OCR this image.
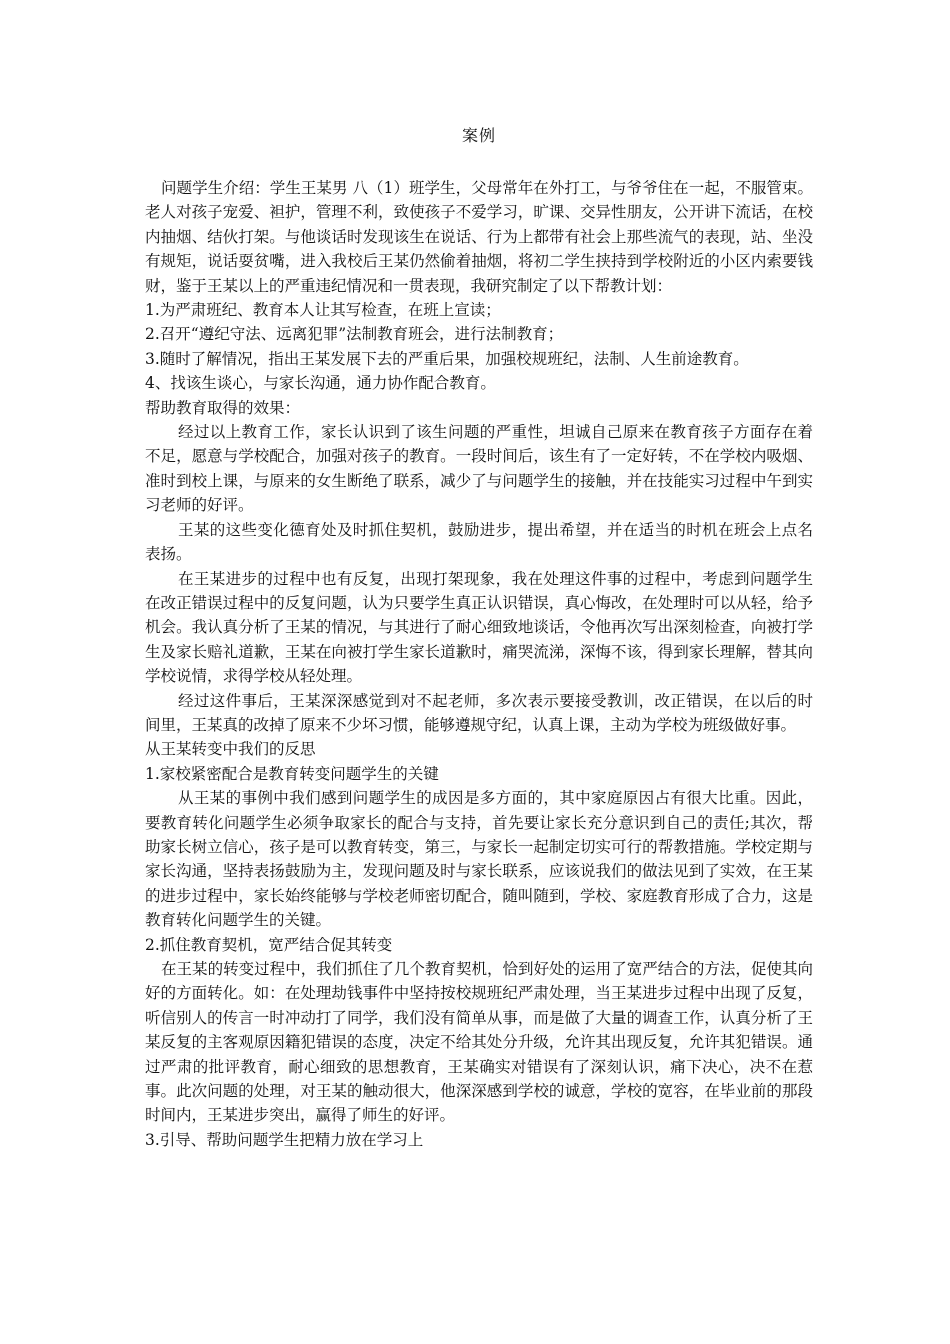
案例

问题学生介绍：学生王某男 八（1）班学生，父母常年在外打工，与爷爷住在一起，不服管束。老人对孩子宠爱、袒护，管理不利，致使孩子不爱学习，旷课、交异性朋友，公开讲下流话，在校内抽烟、结伙打架。与他谈话时发现该生在说话、行为上都带有社会上那些流气的表现，站、坐没有规矩，说话耍贫嘴，进入我校后王某仍然偷着抽烟，将初二学生挟持到学校附近的小区内索要钱财，鉴于王某以上的严重违纪情况和一贯表现，我研究制定了以下帮教计划：

1.为严肃班纪、教育本人让其写检查，在班上宣读；

2.召开“遵纪守法、远离犯罪”法制教育班会，进行法制教育；

3.随时了解情况，指出王某发展下去的严重后果，加强校规班纪，法制、人生前途教育。

4、找该生谈心，与家长沟通，通力协作配合教育。

帮助教育取得的效果：

经过以上教育工作，家长认识到了该生问题的严重性，坦诚自己原来在教育孩子方面存在着不足，愿意与学校配合，加强对孩子的教育。一段时间后，该生有了一定好转，不在学校内吸烟、准时到校上课，与原来的女生断绝了联系，减少了与问题学生的接触，并在技能实习过程中午到实习老师的好评。

王某的这些变化德育处及时抓住契机，鼓励进步，提出希望，并在适当的时机在班会上点名表扬。

在王某进步的过程中也有反复，出现打架现象，我在处理这件事的过程中，考虑到问题学生在改正错误过程中的反复问题，认为只要学生真正认识错误，真心悔改，在处理时可以从轻，给予机会。我认真分析了王某的情况，与其进行了耐心细致地谈话，令他再次写出深刻检查，向被打学生及家长赔礼道歉，王某在向被打学生家长道歉时，痛哭流涕，深悔不该，得到家长理解，替其向学校说情，求得学校从轻处理。

经过这件事后，王某深深感觉到对不起老师，多次表示要接受教训，改正错误，在以后的时间里，王某真的改掉了原来不少坏习惯，能够遵规守纪，认真上课，主动为学校为班级做好事。

从王某转变中我们的反思

1.家校紧密配合是教育转变问题学生的关键

从王某的事例中我们感到问题学生的成因是多方面的，其中家庭原因占有很大比重。因此，要教育转化问题学生必须争取家长的配合与支持，首先要让家长充分意识到自己的责任;其次，帮助家长树立信心，孩子是可以教育转变，第三，与家长一起制定切实可行的帮教措施。学校定期与家长沟通，坚持表扬鼓励为主，发现问题及时与家长联系，应该说我们的做法见到了实效，在王某的进步过程中，家长始终能够与学校老师密切配合，随叫随到，学校、家庭教育形成了合力，这是教育转化问题学生的关键。

2.抓住教育契机，宽严结合促其转变

在王某的转变过程中，我们抓住了几个教育契机，恰到好处的运用了宽严结合的方法，促使其向好的方面转化。如：在处理劫钱事件中坚持按校规班纪严肃处理，当王某进步过程中出现了反复，听信别人的传言一时冲动打了同学，我们没有简单从事，而是做了大量的调查工作，认真分析了王某反复的主客观原因籍犯错误的态度，决定不给其处分升级，允许其出现反复，允许其犯错误。通过严肃的批评教育，耐心细致的思想教育，王某确实对错误有了深刻认识，痛下决心，决不在惹事。此次问题的处理，对王某的触动很大，他深深感到学校的诚意，学校的宽容，在毕业前的那段时间内，王某进步突出，赢得了师生的好评。

3.引导、帮助问题学生把精力放在学习上
